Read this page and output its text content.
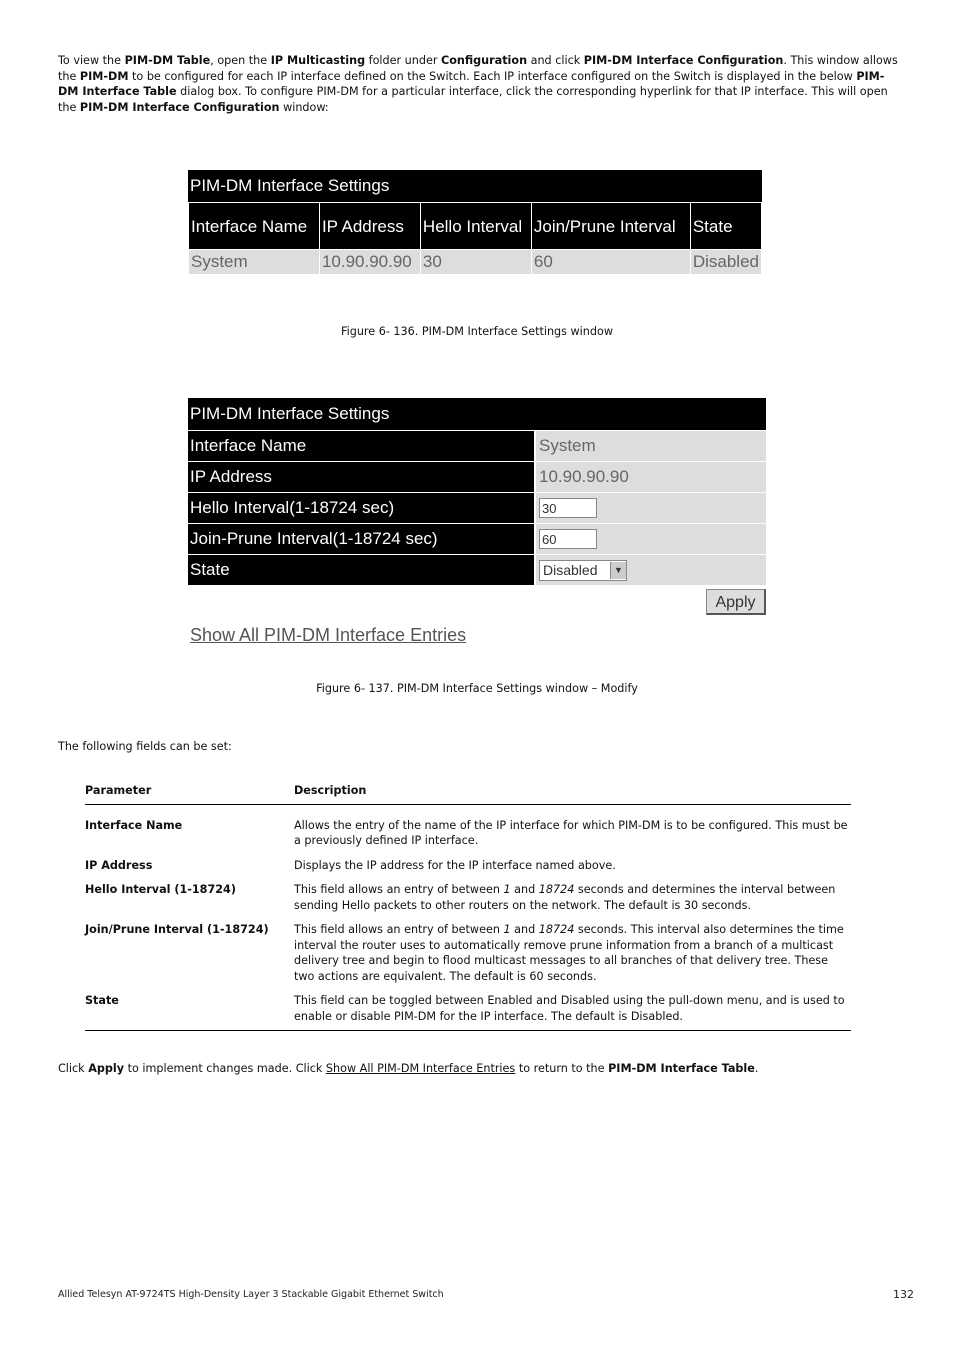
To view the PIM-DM Table, open the IP Multicasting folder under Configuration and click PIM-DM Interface Configuration. This window allows the PIM-DM to be configured for each IP interface defined on the Switch. Each IP interface configured on the Switch is displayed in the below PIM-DM Interface Table dialog box. To configure PIM-DM for a particular interface, click the corresponding hyperlink for that IP interface. This will open the PIM-DM Interface Configuration window:
PIM-DM Interface Settings
Interface Name	IP Address	Hello Interval	Join/Prune Interval	State
System	10.90.90.90	30	60	Disabled
Figure 6- 136. PIM-DM Interface Settings window
PIM-DM Interface Settings
Interface Name	System
IP Address	10.90.90.90
Hello Interval(1-18724 sec)	30
Join-Prune Interval(1-18724 sec)	60
State	Disabled	▼
Apply
Show All PIM-DM Interface Entries
Figure 6- 137. PIM-DM Interface Settings window – Modify
The following fields can be set:
Parameter	Description
Interface Name	Allows the entry of the name of the IP interface for which PIM-DM is to be configured. This must be a previously defined IP interface.
IP Address	Displays the IP address for the IP interface named above.
Hello Interval (1-18724)	This field allows an entry of between 1 and 18724 seconds and determines the interval between sending Hello packets to other routers on the network. The default is 30 seconds.
Join/Prune Interval (1-18724)	This field allows an entry of between 1 and 18724 seconds. This interval also determines the time interval the router uses to automatically remove prune information from a branch of a multicast delivery tree and begin to flood multicast messages to all branches of that delivery tree. These two actions are equivalent. The default is 60 seconds.
State	This field can be toggled between Enabled and Disabled using the pull-down menu, and is used to enable or disable PIM-DM for the IP interface. The default is Disabled.
Click Apply to implement changes made. Click Show All PIM-DM Interface Entries to return to the PIM-DM Interface Table.
Allied Telesyn AT-9724TS High-Density Layer 3 Stackable Gigabit Ethernet Switch	132
